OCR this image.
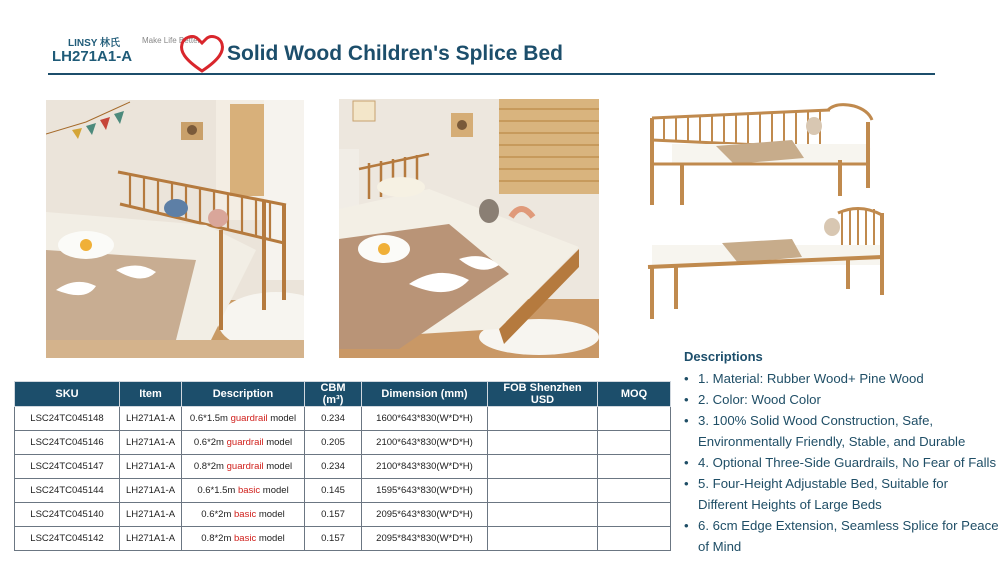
LINSY 林氏	Make Life Better
LH271A1-A	Solid Wood Children's Splice Bed
SKU	Item	Description	CBM (m³)	Dimension (mm)	FOB Shenzhen USD	MOQ
LSC24TC045148	LH271A1-A	0.6*1.5m guardrail model	0.234	1600*643*830(W*D*H)		
LSC24TC045146	LH271A1-A	0.6*2m guardrail model	0.205	2100*643*830(W*D*H)		
LSC24TC045147	LH271A1-A	0.8*2m guardrail model	0.234	2100*843*830(W*D*H)		
LSC24TC045144	LH271A1-A	0.6*1.5m basic model	0.145	1595*643*830(W*D*H)		
LSC24TC045140	LH271A1-A	0.6*2m basic model	0.157	2095*643*830(W*D*H)		
LSC24TC045142	LH271A1-A	0.8*2m basic model	0.157	2095*843*830(W*D*H)		
Descriptions
• 1. Material: Rubber Wood+ Pine Wood
• 2. Color: Wood Color
• 3. 100% Solid Wood Construction, Safe, Environmentally Friendly, Stable, and Durable
• 4. Optional Three-Side Guardrails, No Fear of Falls
• 5. Four-Height Adjustable Bed, Suitable for Different Heights of Large Beds
• 6. 6cm Edge Extension, Seamless Splice for Peace of Mind
